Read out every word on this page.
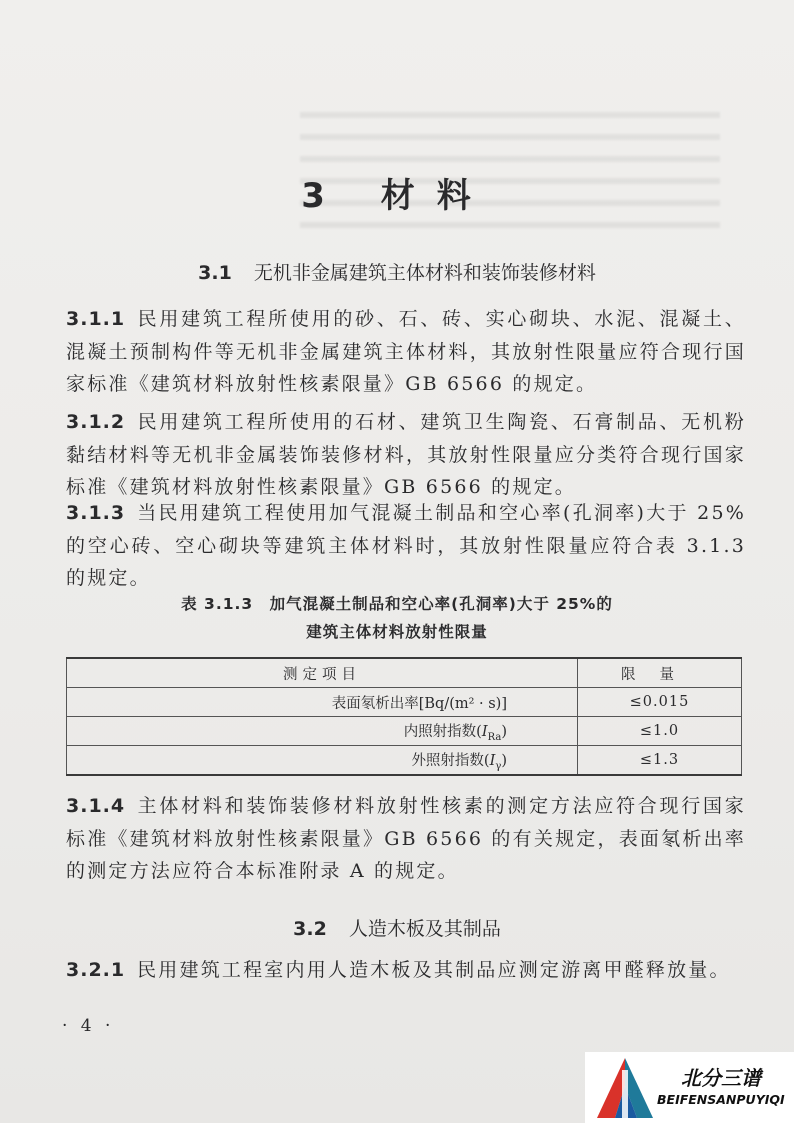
3 材料
3.1 无机非金属建筑主体材料和装饰装修材料
3.1.1 民用建筑工程所使用的砂、石、砖、实心砌块、水泥、混凝土、混凝土预制构件等无机非金属建筑主体材料，其放射性限量应符合现行国家标准《建筑材料放射性核素限量》GB 6566 的规定。
3.1.2 民用建筑工程所使用的石材、建筑卫生陶瓷、石膏制品、无机粉黏结材料等无机非金属装饰装修材料，其放射性限量应分类符合现行国家标准《建筑材料放射性核素限量》GB 6566 的规定。
3.1.3 当民用建筑工程使用加气混凝土制品和空心率(孔洞率)大于 25% 的空心砖、空心砌块等建筑主体材料时，其放射性限量应符合表 3.1.3 的规定。
表 3.1.3　加气混凝土制品和空心率(孔洞率)大于 25%的
建筑主体材料放射性限量
测定项目	限量
表面氡析出率[Bq/(m² · s)]	≤0.015
内照射指数$(I_{Ra})$	≤1.0
外照射指数$(I_\gamma)$	≤1.3
3.1.4 主体材料和装饰装修材料放射性核素的测定方法应符合现行国家标准《建筑材料放射性核素限量》GB 6566 的有关规定，表面氡析出率的测定方法应符合本标准附录 A 的规定。
3.2 人造木板及其制品
3.2.1 民用建筑工程室内用人造木板及其制品应测定游离甲醛释放量。
· 4 ·
北分三谱
BEIFENSANPUYIQI
